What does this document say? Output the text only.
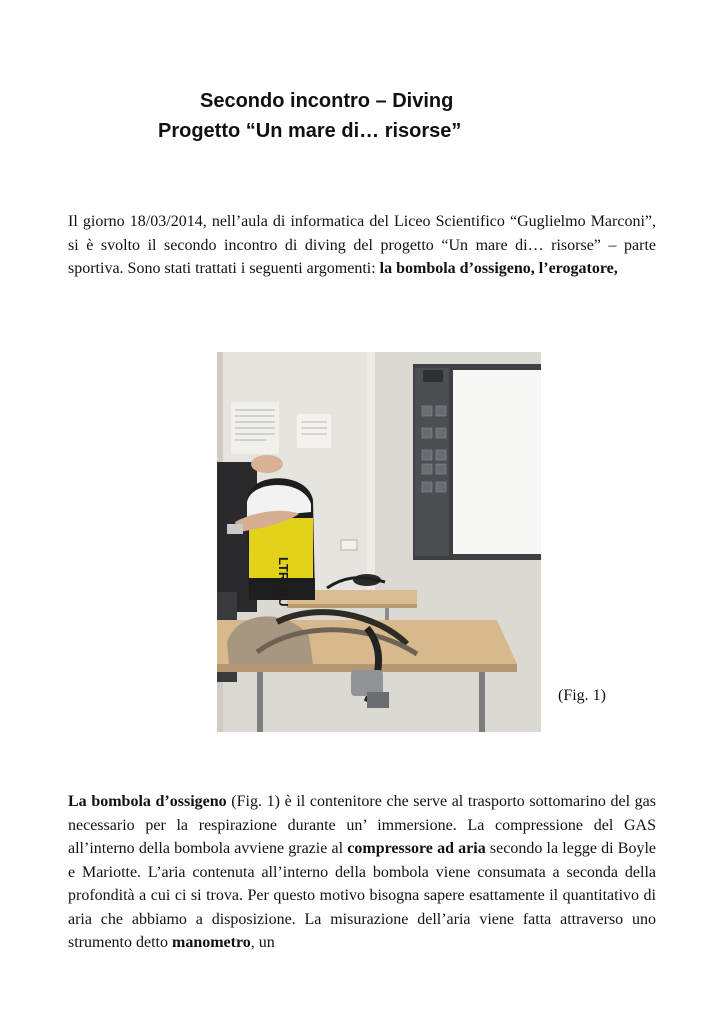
Secondo incontro – Diving
Progetto “Un mare di… risorse”

Il giorno 18/03/2014, nell’aula di informatica del Liceo Scientifico “Guglielmo Marconi”, si è svolto il secondo incontro di diving del progetto “Un mare di… risorse” – parte sportiva. Sono stati trattati i seguenti argomenti: la bombola d’ossigeno, l’erogatore,

LTRI SU
(Fig. 1)

La bombola d’ossigeno (Fig. 1) è il contenitore che serve al trasporto sottomarino del gas necessario per la respirazione durante un’ immersione. La compressione del GAS all’interno della bombola avviene grazie al compressore ad aria secondo la legge di Boyle e Mariotte. L’aria contenuta all’interno della bombola viene consumata a seconda della profondità a cui ci si trova. Per questo motivo bisogna sapere esattamente il quantitativo di aria che abbiamo a disposizione. La misurazione dell’aria viene fatta attraverso uno strumento detto manometro, un
